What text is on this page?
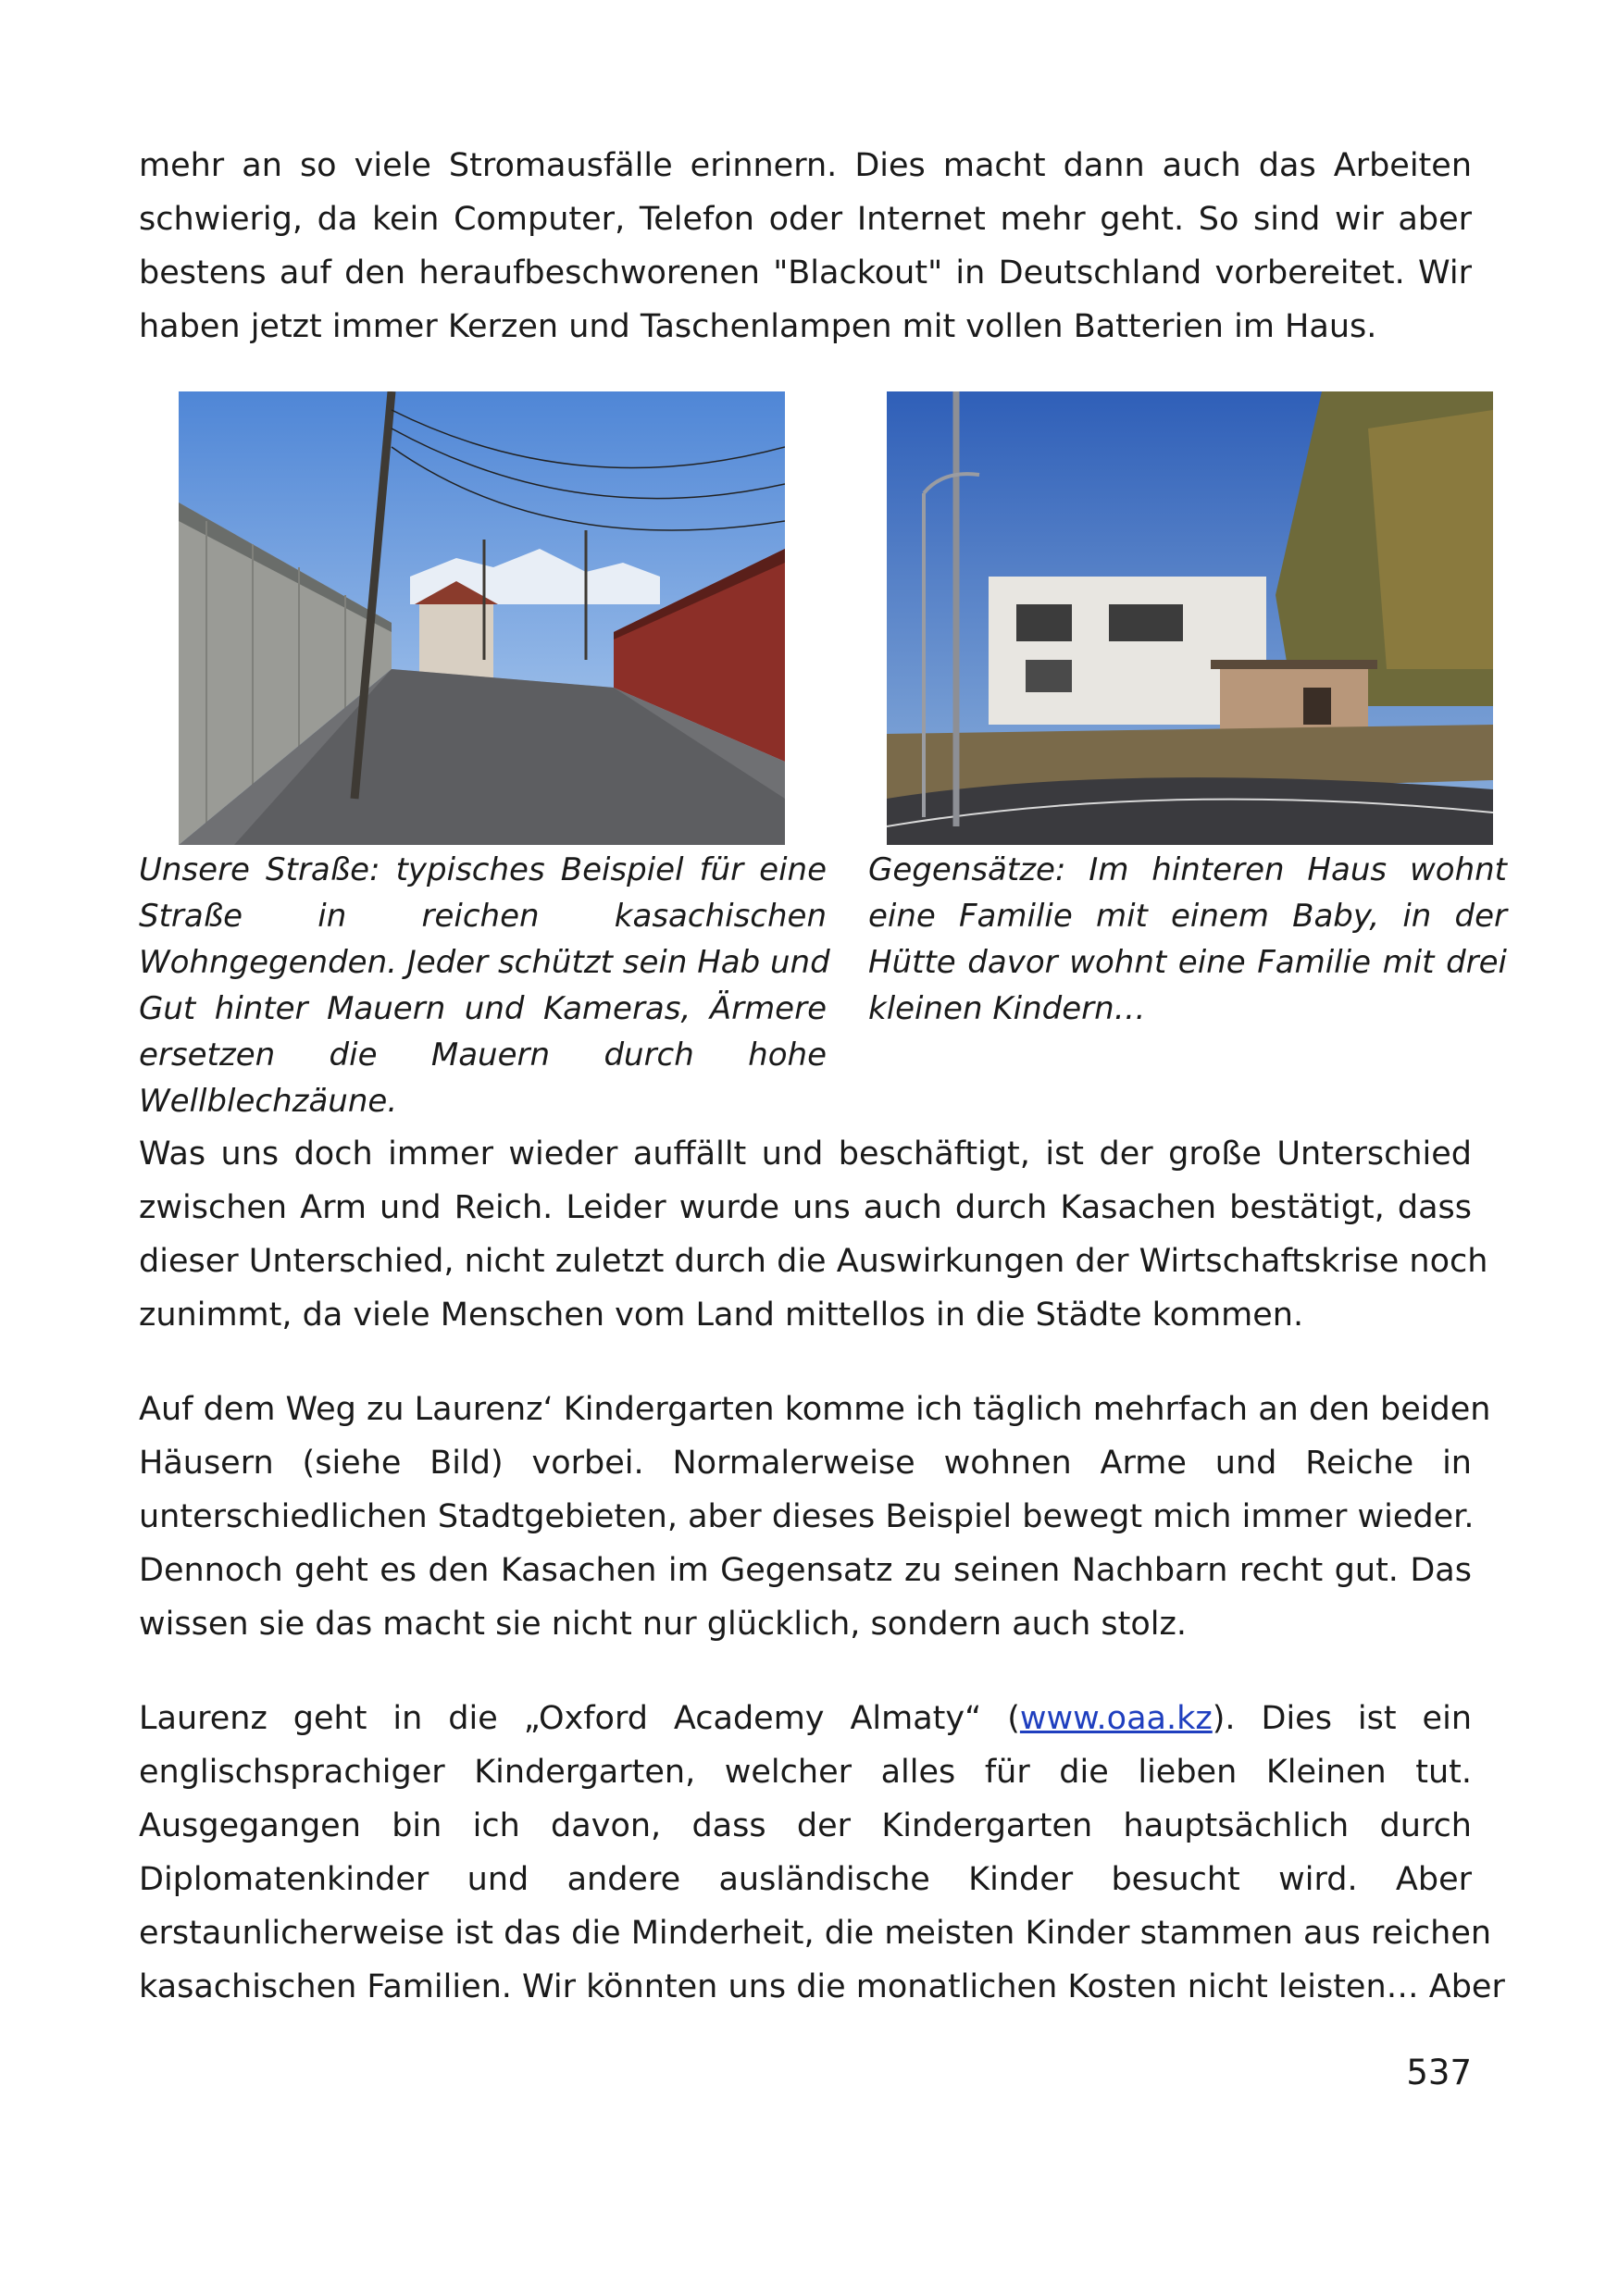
mehr an so viele Stromausfälle erinnern. Dies macht dann auch das Arbeiten
schwierig, da kein Computer, Telefon oder Internet mehr geht. So sind wir aber
bestens auf den heraufbeschworenen "Blackout" in Deutschland vorbereitet. Wir
haben jetzt immer Kerzen und Taschenlampen mit vollen Batterien im Haus.

Unsere Straße: typisches Beispiel für eine
Straße in reichen kasachischen
Wohngegenden. Jeder schützt sein Hab und
Gut hinter Mauern und Kameras, Ärmere
ersetzen die Mauern durch hohe
Wellblechzäune.
Gegensätze: Im hinteren Haus wohnt
eine Familie mit einem Baby, in der
Hütte davor wohnt eine Familie mit drei
kleinen Kindern…

Was uns doch immer wieder auffällt und beschäftigt, ist der große Unterschied
zwischen Arm und Reich. Leider wurde uns auch durch Kasachen bestätigt, dass
dieser Unterschied, nicht zuletzt durch die Auswirkungen der Wirtschaftskrise noch
zunimmt, da viele Menschen vom Land mittellos in die Städte kommen.

Auf dem Weg zu Laurenz‘ Kindergarten komme ich täglich mehrfach an den beiden
Häusern (siehe Bild) vorbei. Normalerweise wohnen Arme und Reiche in
unterschiedlichen Stadtgebieten, aber dieses Beispiel bewegt mich immer wieder.
Dennoch geht es den Kasachen im Gegensatz zu seinen Nachbarn recht gut. Das
wissen sie das macht sie nicht nur glücklich, sondern auch stolz.

Laurenz geht in die „Oxford Academy Almaty“ (www.oaa.kz). Dies ist ein
englischsprachiger Kindergarten, welcher alles für die lieben Kleinen tut.
Ausgegangen bin ich davon, dass der Kindergarten hauptsächlich durch
Diplomatenkinder und andere ausländische Kinder besucht wird. Aber
erstaunlicherweise ist das die Minderheit, die meisten Kinder stammen aus reichen
kasachischen Familien. Wir könnten uns die monatlichen Kosten nicht leisten… Aber

537
